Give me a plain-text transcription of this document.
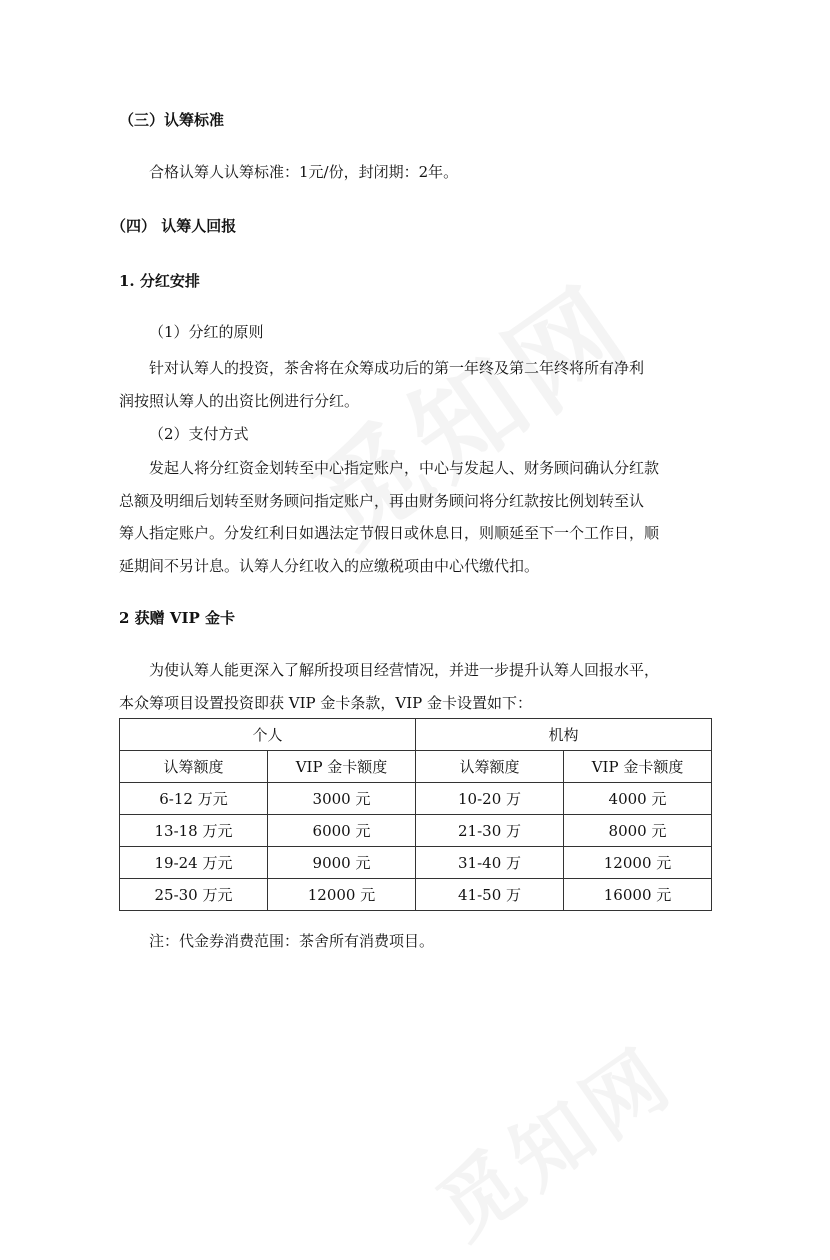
（三）认筹标准
合格认筹人认筹标准：1元/份，封闭期：2年。
（四） 认筹人回报
1. 分红安排
（1）分红的原则
针对认筹人的投资，茶舍将在众筹成功后的第一年终及第二年终将所有净利
润按照认筹人的出资比例进行分红。
（2）支付方式
发起人将分红资金划转至中心指定账户，中心与发起人、财务顾问确认分红款
总额及明细后划转至财务顾问指定账户，再由财务顾问将分红款按比例划转至认
筹人指定账户。分发红利日如遇法定节假日或休息日，则顺延至下一个工作日，顺
延期间不另计息。认筹人分红收入的应缴税项由中心代缴代扣。
2 获赠 VIP 金卡
为使认筹人能更深入了解所投项目经营情况，并进一步提升认筹人回报水平，
本众筹项目设置投资即获 VIP 金卡条款，VIP 金卡设置如下：
个人		机构	
认筹额度	VIP 金卡额度	认筹额度	VIP 金卡额度
6-12 万元	3000 元	10-20 万	4000 元
13-18 万元	6000 元	21-30 万	8000 元
19-24 万元	9000 元	31-40 万	12000 元
25-30 万元	12000 元	41-50 万	16000 元
注：代金券消费范围：茶舍所有消费项目。
